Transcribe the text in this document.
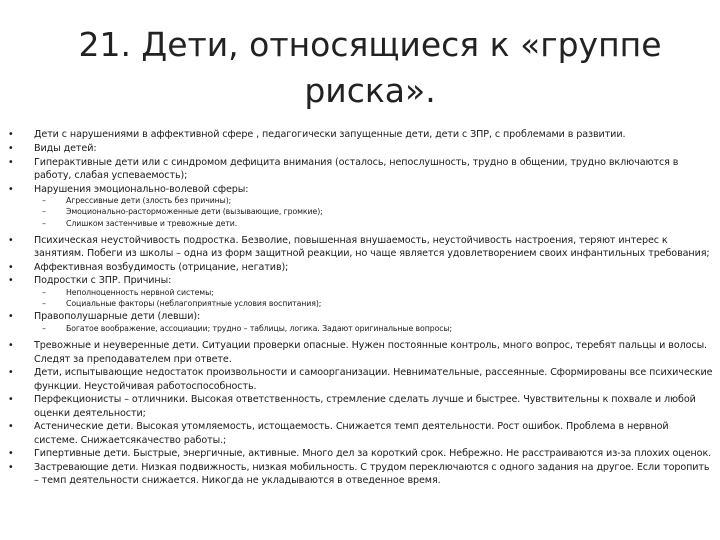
21. Дети, относящиеся к «группе
риска».
• Дети с нарушениями в аффективной сфере , педагогически запущенные дети, дети с ЗПР, с проблемами в развитии.
• Виды детей:
• Гиперактивные дети или с синдромом дефицита внимания (осталось, непослушность, трудно в общении, трудно включаются в работу, слабая успеваемость);
• Нарушения эмоционально-волевой сферы:
–	Агрессивные дети (злость без причины);
–	Эмоционально-расторможенные дети (вызывающие, громкие);
–	Слишком застенчивые и тревожные дети.
• Психическая неустойчивость подростка. Безволие, повышенная внушаемость, неустойчивость настроения, теряют интерес к занятиям. Побеги из школы – одна из форм защитной реакции, но чаще является удовлетворением своих инфантильных требования;
• Аффективная возбудимость (отрицание, негатив);
• Подростки с ЗПР. Причины:
–	Неполноценность нервной системы;
–	Социальные факторы (неблагоприятные условия воспитания);
• Правополушарные дети (левши):
–	Богатое воображение, ассоциации; трудно – таблицы, логика. Задают оригинальные вопросы;
• Тревожные и неуверенные дети. Ситуации проверки опасные. Нужен постоянные контроль, много вопрос, теребят пальцы и волосы. Следят за преподавателем при ответе.
• Дети, испытывающие недостаток произвольности и самоорганизации. Невнимательные, рассеянные. Сформированы все психические функции. Неустойчивая работоспособность.
• Перфекционисты – отличники. Высокая ответственность, стремление сделать лучше и быстрее. Чувствительны к похвале и любой оценки деятельности;
• Астенические дети. Высокая утомляемость, истощаемость. Снижается темп деятельности. Рост ошибок. Проблема в нервной системе. Снижаетсякачество работы.;
• Гипертивные дети. Быстрые, энергичные, активные. Много дел за короткий срок. Небрежно. Не расстраиваются из-за плохих оценок.
• Застревающие дети. Низкая подвижность, низкая мобильность. С трудом переключаются с одного задания на другое. Если торопить – темп деятельности снижается. Никогда не укладываются в отведенное время.
